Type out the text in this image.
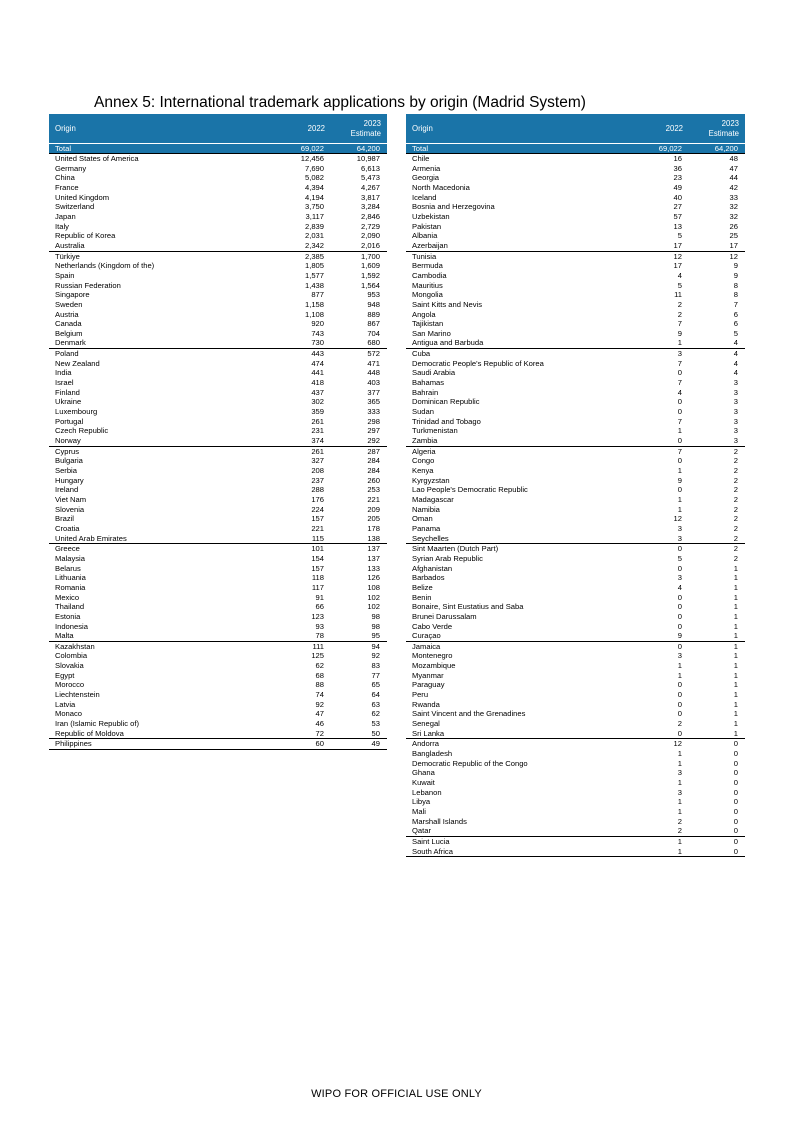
Annex 5: International trademark applications by origin (Madrid System)
Origin	2022	2023
Estimate
Total	69,022	64,200
United States of America	12,456	10,987
Germany	7,690	6,613
China	5,082	5,473
France	4,394	4,267
United Kingdom	4,194	3,817
Switzerland	3,750	3,284
Japan	3,117	2,846
Italy	2,839	2,729
Republic of Korea	2,031	2,090
Australia	2,342	2,016
Türkiye	2,385	1,700
Netherlands (Kingdom of the)	1,805	1,609
Spain	1,577	1,592
Russian Federation	1,438	1,564
Singapore	877	953
Sweden	1,158	948
Austria	1,108	889
Canada	920	867
Belgium	743	704
Denmark	730	680
Poland	443	572
New Zealand	474	471
India	441	448
Israel	418	403
Finland	437	377
Ukraine	302	365
Luxembourg	359	333
Portugal	261	298
Czech Republic	231	297
Norway	374	292
Cyprus	261	287
Bulgaria	327	284
Serbia	208	284
Hungary	237	260
Ireland	288	253
Viet Nam	176	221
Slovenia	224	209
Brazil	157	205
Croatia	221	178
United Arab Emirates	115	138
Greece	101	137
Malaysia	154	137
Belarus	157	133
Lithuania	118	126
Romania	117	108
Mexico	91	102
Thailand	66	102
Estonia	123	98
Indonesia	93	98
Malta	78	95
Kazakhstan	111	94
Colombia	125	92
Slovakia	62	83
Egypt	68	77
Morocco	88	65
Liechtenstein	74	64
Latvia	92	63
Monaco	47	62
Iran (Islamic Republic of)	46	53
Republic of Moldova	72	50
Philippines	60	49
Origin	2022	2023
Estimate
Total	69,022	64,200
Chile	16	48
Armenia	36	47
Georgia	23	44
North Macedonia	49	42
Iceland	40	33
Bosnia and Herzegovina	27	32
Uzbekistan	57	32
Pakistan	13	26
Albania	5	25
Azerbaijan	17	17
Tunisia	12	12
Bermuda	17	9
Cambodia	4	9
Mauritius	5	8
Mongolia	11	8
Saint Kitts and Nevis	2	7
Angola	2	6
Tajikistan	7	6
San Marino	9	5
Antigua and Barbuda	1	4
Cuba	3	4
Democratic People's Republic of Korea	7	4
Saudi Arabia	0	4
Bahamas	7	3
Bahrain	4	3
Dominican Republic	0	3
Sudan	0	3
Trinidad and Tobago	7	3
Turkmenistan	1	3
Zambia	0	3
Algeria	7	2
Congo	0	2
Kenya	1	2
Kyrgyzstan	9	2
Lao People's Democratic Republic	0	2
Madagascar	1	2
Namibia	1	2
Oman	12	2
Panama	3	2
Seychelles	3	2
Sint Maarten (Dutch Part)	0	2
Syrian Arab Republic	5	2
Afghanistan	0	1
Barbados	3	1
Belize	4	1
Benin	0	1
Bonaire, Sint Eustatius and Saba	0	1
Brunei Darussalam	0	1
Cabo Verde	0	1
Curaçao	9	1
Jamaica	0	1
Montenegro	3	1
Mozambique	1	1
Myanmar	1	1
Paraguay	0	1
Peru	0	1
Rwanda	0	1
Saint Vincent and the Grenadines	0	1
Senegal	2	1
Sri Lanka	0	1
Andorra	12	0
Bangladesh	1	0
Democratic Republic of the Congo	1	0
Ghana	3	0
Kuwait	1	0
Lebanon	3	0
Libya	1	0
Mali	1	0
Marshall Islands	2	0
Qatar	2	0
Saint Lucia	1	0
South Africa	1	0
WIPO FOR OFFICIAL USE ONLY
